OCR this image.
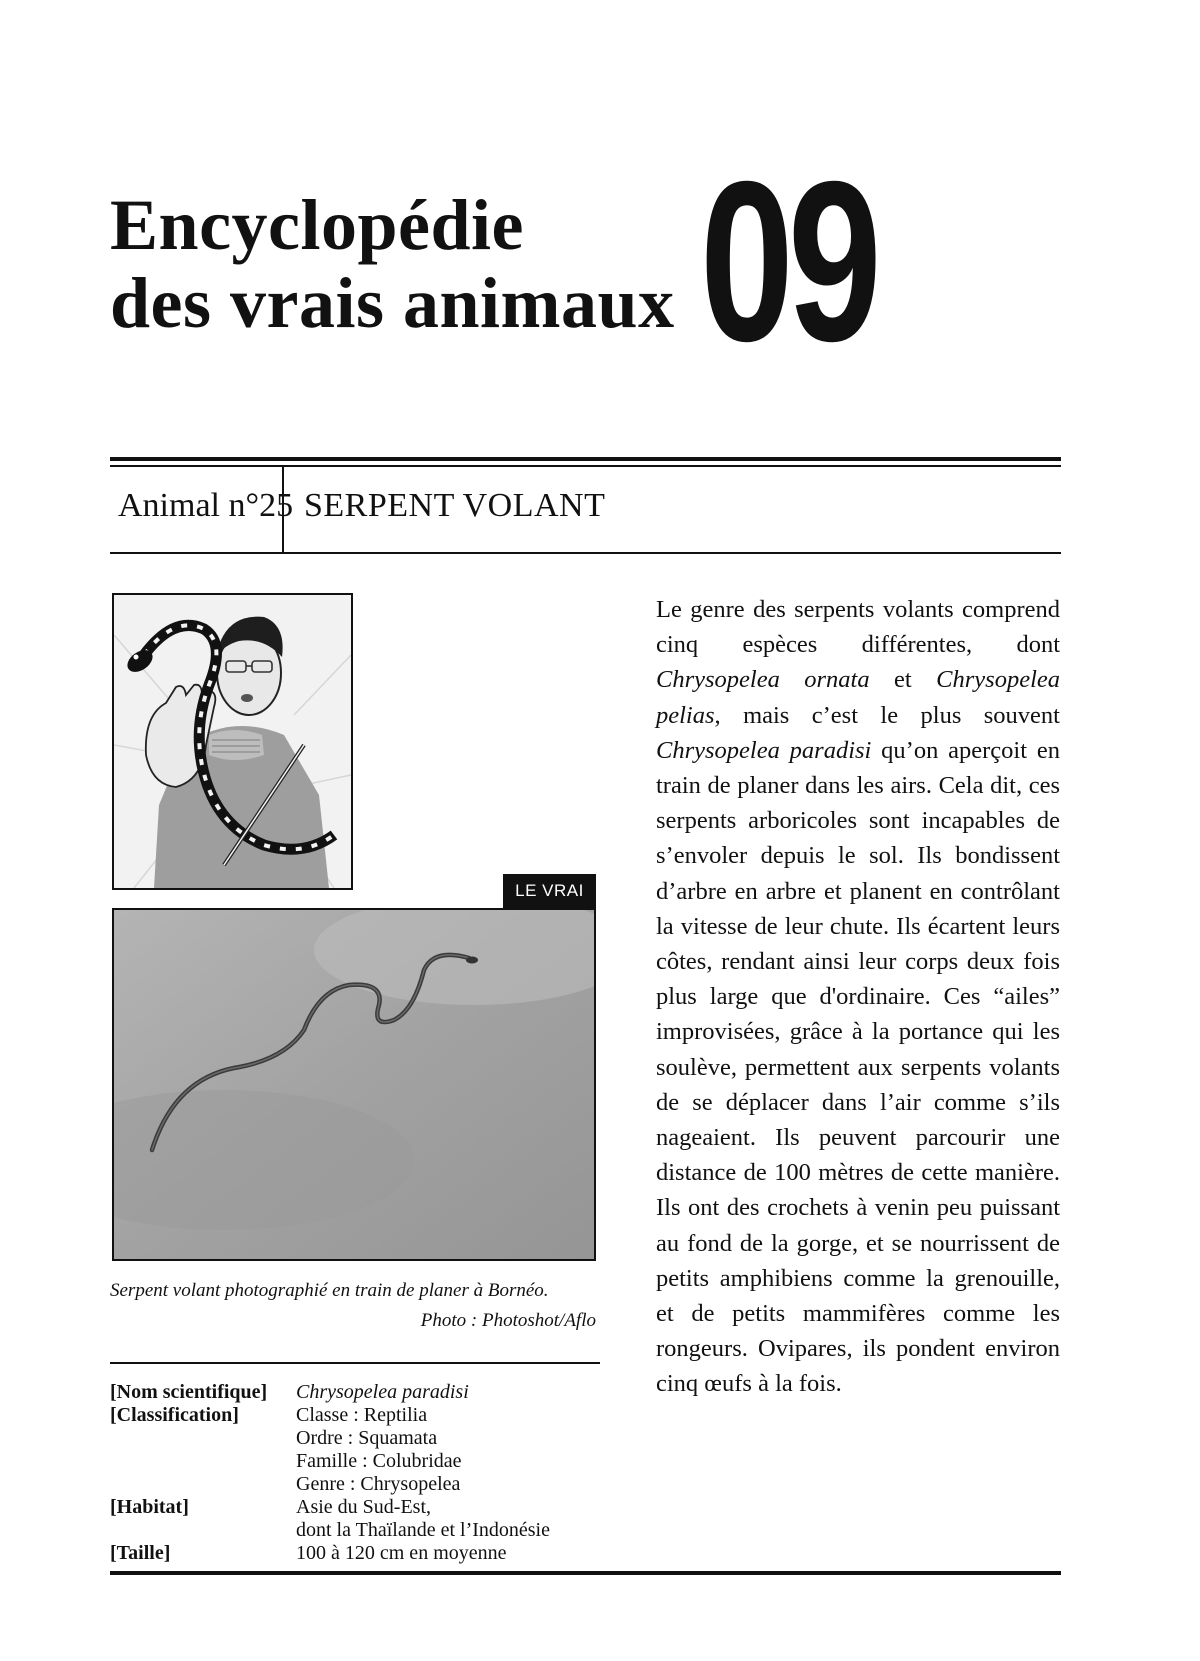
Encyclopédie
des vrais animaux 09
Animal n°25 SERPENT VOLANT
LE VRAI
Serpent volant photographié en train de planer à Bornéo.
Photo : Photoshot/Aflo
[Nom scientifique]	Chrysopelea paradisi
[Classification]	Classe : Reptilia
Ordre : Squamata
Famille : Colubridae
Genre : Chrysopelea
[Habitat]	Asie du Sud-Est,
dont la Thaïlande et l’Indonésie
[Taille]	100 à 120 cm en moyenne

Le genre des serpents volants comprend cinq espèces différentes, dont Chrysopelea ornata et Chrysopelea pelias, mais c’est le plus souvent Chrysopelea paradisi qu’on aperçoit en train de planer dans les airs. Cela dit, ces serpents arboricoles sont incapables de s’envoler depuis le sol. Ils bondissent d’arbre en arbre et planent en contrôlant la vitesse de leur chute. Ils écartent leurs côtes, rendant ainsi leur corps deux fois plus large que d'ordinaire. Ces “ailes” improvisées, grâce à la portance qui les soulève, permettent aux serpents volants de se déplacer dans l’air comme s’ils nageaient. Ils peuvent parcourir une distance de 100 mètres de cette manière. Ils ont des crochets à venin peu puissant au fond de la gorge, et se nourrissent de petits amphibiens comme la grenouille, et de petits mammifères comme les rongeurs. Ovipares, ils pondent environ cinq œufs à la fois.
